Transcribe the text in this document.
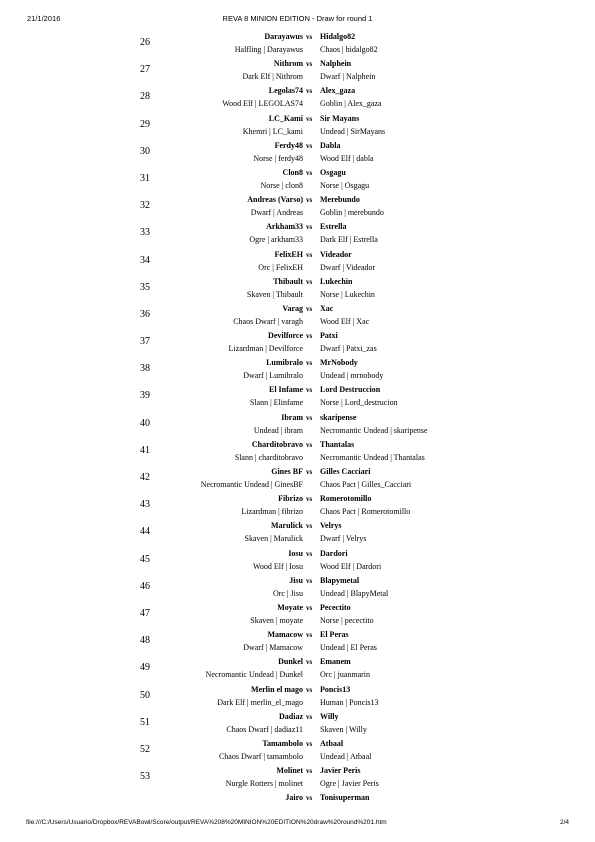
21/1/2016	REVA 8 MINION EDITION - Draw for round 1
26
Darayawus vs Hidalgo82
Halfling | Darayawus Chaos | hidalgo82
27
Nithrom vs Nalphein
Dark Elf | Nithrom Dwarf | Nalphein
28
Legolas74 vs Alex_gaza
Wood Elf | LEGOLAS74 Goblin | Alex_gaza
29
LC_Kami vs Sir Mayans
Khemri | LC_kami Undead | SirMayans
30
Ferdy48 vs Dabla
Norse | ferdy48 Wood Elf | dabla
31
Clon8 vs Osgagu
Norse | clon8 Norse | Osgagu
32
Andreas (Varso) vs Merebundo
Dwarf | Andreas Goblin | merebundo
33
Arkham33 vs Estrella
Ogre | arkham33 Dark Elf | Estrella
34
FelixEH vs Videador
Orc | FelixEH Dwarf | Videador
35
Thibault vs Lukechin
Skaven | Thibault Norse | Lukechin
36
Varag vs Xac
Chaos Dwarf | varagh Wood Elf | Xac
37
Devilforce vs Patxi
Lizardman | Devilforce Dwarf | Patxi_zas
38
Lumibralo vs MrNobody
Dwarf | Lumibralo Undead | mrnobody
39
El Infame vs Lord Destruccion
Slann | Elinfame Norse | Lord_destrucion
40
Ibram vs skaripense
Undead | ibram Necromantic Undead | skaripense
41
Charditobravo vs Thantalas
Slann | charditobravo Necromantic Undead | Thantalas
42
Gines BF vs Gilles Cacciari
Necromantic Undead | GinesBF Chaos Pact | Gilles_Cacciari
43
Fibrizo vs Romerotomillo
Lizardman | fibrizo Chaos Pact | Romerotomillo
44
Marulick vs Velrys
Skaven | Marulick Dwarf | Velrys
45
Iosu vs Dardori
Wood Elf | Iosu Wood Elf | Dardori
46
Jisu vs Blapymetal
Orc | Jisu Undead | BlapyMetal
47
Moyate vs Pecectito
Skaven | moyate Norse | pecectito
48
Mamacow vs El Peras
Dwarf | Mamacow Undead | El Peras
49
Dunkel vs Emanem
Necromantic Undead | Dunkel Orc | juanmarin
50
Merlin el mago vs Poncis13
Dark Elf | merlin_el_mago Human | Poncis13
51
Dadiaz vs Willy
Chaos Dwarf | dadiaz11 Skaven | Willy
52
Tamambolo vs Atbaal
Chaos Dwarf | tamambolo Undead | Atbaal
53
Molinet vs Javier Peris
Nurgle Rotters | molinet Ogre | Javier Peris
Jairo vs Tonisuperman
file:///C:/Users/Usuario/Dropbox/REVABowl/Score/output/REVA%208%20MINION%20EDITION%20draw%20round%201.htm	2/4
